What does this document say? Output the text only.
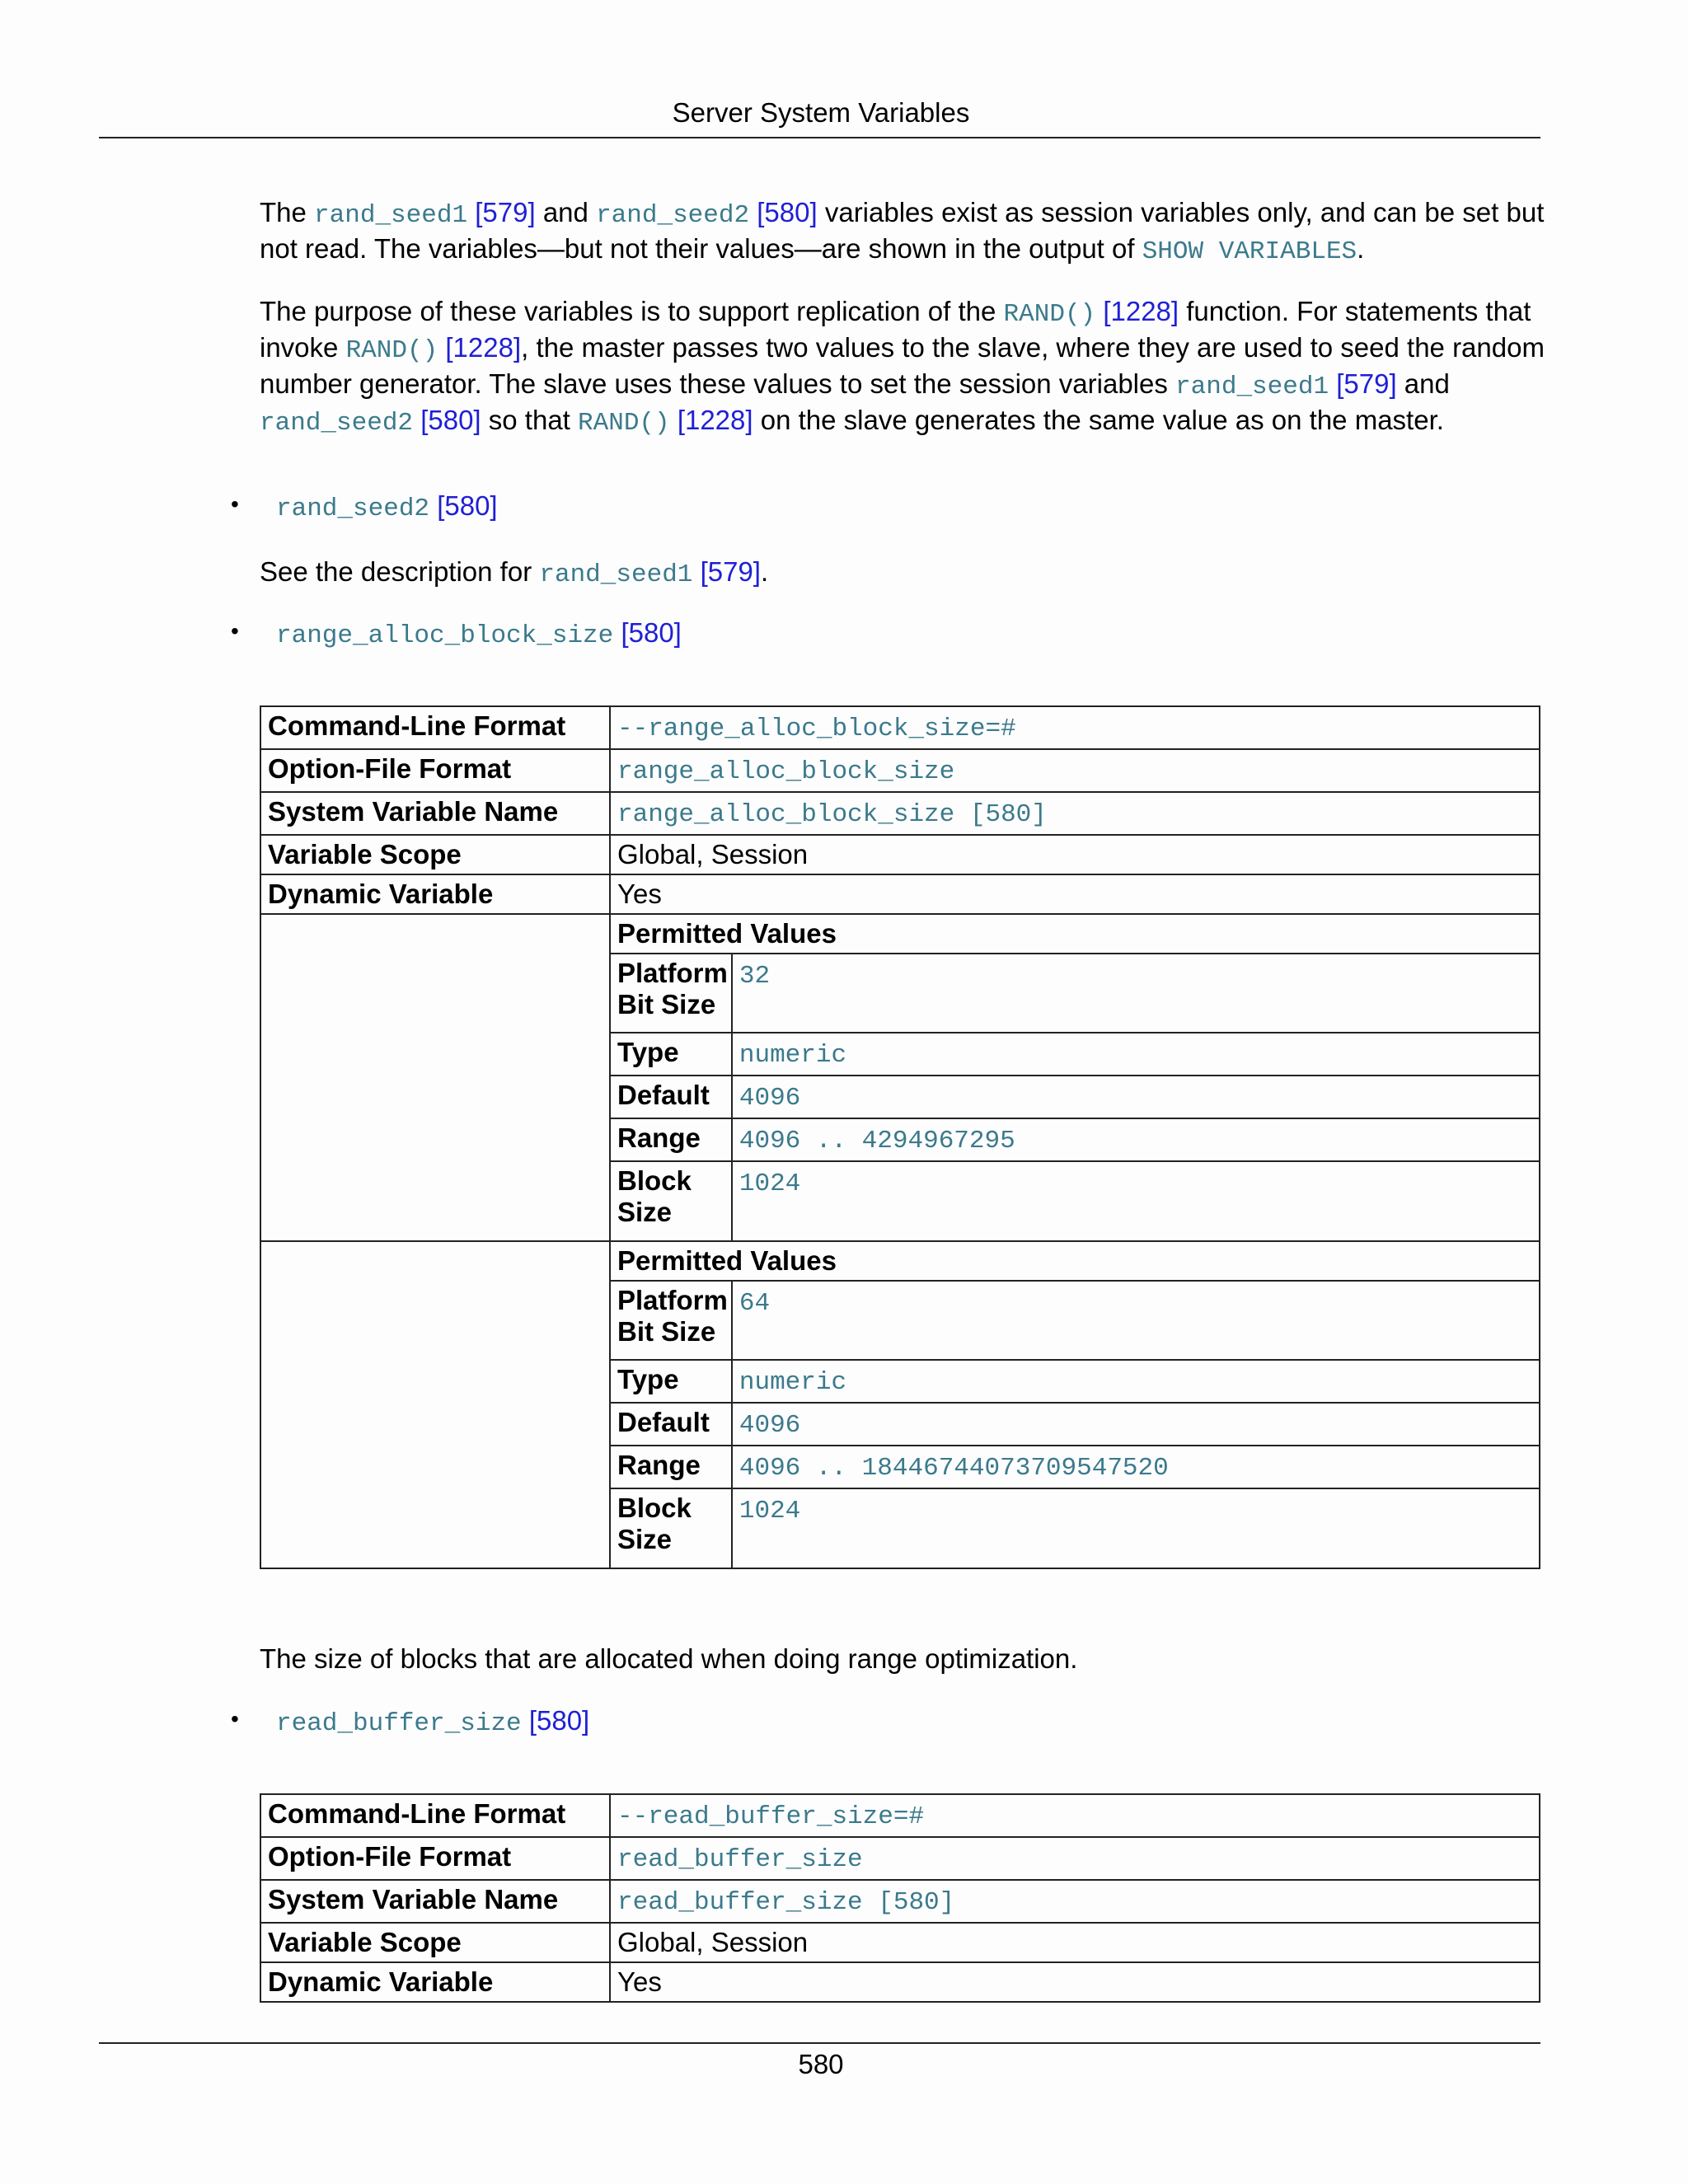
Server System Variables
The rand_seed1 [579] and rand_seed2 [580] variables exist as session variables only, and can be set but not read. The variables—but not their values—are shown in the output of SHOW VARIABLES.
The purpose of these variables is to support replication of the RAND() [1228] function. For statements that invoke RAND() [1228], the master passes two values to the slave, where they are used to seed the random number generator. The slave uses these values to set the session variables rand_seed1 [579] and rand_seed2 [580] so that RAND() [1228] on the slave generates the same value as on the master.
• rand_seed2 [580]
See the description for rand_seed1 [579].
• range_alloc_block_size [580]
Command-Line Format	--range_alloc_block_size=#
Option-File Format	range_alloc_block_size
System Variable Name	range_alloc_block_size [580]
Variable Scope	Global, Session
Dynamic Variable	Yes

Permitted Values
Platform Bit Size	32
Type	numeric
Default	4096
Range	4096 .. 4294967295
Block Size	1024

Permitted Values
Platform Bit Size	64
Type	numeric
Default	4096
Range	4096 .. 18446744073709547520
Block Size	1024
The size of blocks that are allocated when doing range optimization.
• read_buffer_size [580]
Command-Line Format	--read_buffer_size=#
Option-File Format	read_buffer_size
System Variable Name	read_buffer_size [580]
Variable Scope	Global, Session
Dynamic Variable	Yes
580
